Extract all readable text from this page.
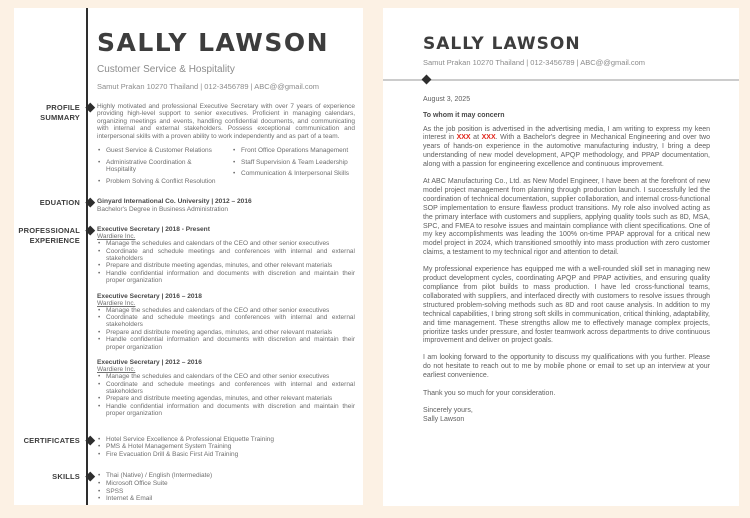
SALLY LAWSON
Customer Service & Hospitality
Samut Prakan 10270 Thailand | 012-3456789 | ABC@@gmail.com
PROFILE SUMMARY
Highly motivated and professional Executive Secretary with over 7 years of experience providing high-level support to senior executives. Proficient in managing calendars, organizing meetings and events, handling confidential documents, and communicating with internal and external stakeholders. Possess exceptional communication and interpersonal skills with a proven ability to work independently and as part of a team.
• Guest Service & Customer Relations
• Administrative Coordination & Hospitality
• Problem Solving & Conflict Resolution
• Front Office Operations Management
• Staff Supervision & Team Leadership
• Communication & Interpersonal Skills
EDUATION	Ginyard International Co. University | 2012 – 2016
Bachelor's Degree in Business Administration
PROFESSIONAL EXPERIENCE
Executive Secretary | 2018 - Present
Wardiere Inc.
• Manage the schedules and calendars of the CEO and other senior executives
• Coordinate and schedule meetings and conferences with internal and external stakeholders
• Prepare and distribute meeting agendas, minutes, and other relevant materials
• Handle confidential information and documents with discretion and maintain their proper organization
Executive Secretary | 2016 – 2018
Wardiere Inc.
• Manage the schedules and calendars of the CEO and other senior executives
• Coordinate and schedule meetings and conferences with internal and external stakeholders
• Prepare and distribute meeting agendas, minutes, and other relevant materials
• Handle confidential information and documents with discretion and maintain their proper organization
Executive Secretary | 2012 – 2016
Wardiere Inc.
• Manage the schedules and calendars of the CEO and other senior executives
• Coordinate and schedule meetings and conferences with internal and external stakeholders
• Prepare and distribute meeting agendas, minutes, and other relevant materials
• Handle confidential information and documents with discretion and maintain their proper organization
CERTIFICATES	• Hotel Service Excellence & Professional Etiquette Training
• PMS & Hotel Management System Training
• Fire Evacuation Drill & Basic First Aid Training
SKILLS	• Thai (Native) / English (Intermediate)
• Microsoft Office Suite
• SPSS
• Internet & Email
SALLY LAWSON
Samut Prakan 10270 Thailand | 012-3456789 | ABC@@gmail.com
August 3, 2025
To whom it may concern

As the job position is advertised in the advertising media, I am writing to express my keen interest in XXX at XXX. With a Bachelor's degree in Mechanical Engineering and over two years of hands-on experience in the automotive manufacturing industry, I bring a deep understanding of new model development, APQP methodology, and PPAP documentation, along with a passion for engineering excellence and continuous improvement.

At ABC Manufacturing Co., Ltd. as New Model Engineer, I have been at the forefront of new model project management from planning through production launch. I successfully led the coordination of technical documentation, supplier collaboration, and internal cross-functional SOP implementation to ensure flawless product transitions. My role also involved acting as the primary interface with customers and suppliers, applying quality tools such as 8D, MSA, SPC, and FMEA to resolve issues and maintain compliance with client specifications. One of my key accomplishments was leading the 100% on-time PPAP approval for a critical new model project in 2024, which transitioned smoothly into mass production with zero customer claims, a testament to my technical rigor and attention to detail.

My professional experience has equipped me with a well-rounded skill set in managing new product development cycles, coordinating APQP and PPAP activities, and ensuring quality compliance from pilot builds to mass production. I have led cross-functional teams, collaborated with suppliers, and interfaced directly with customers to resolve issues through structured problem-solving methods such as 8D and root cause analysis. In addition to my technical capabilities, I bring strong soft skills in communication, critical thinking, adaptability, and time management. These strengths allow me to effectively manage complex projects, prioritize tasks under pressure, and foster teamwork across departments to drive continuous improvement and deliver on project goals.

I am looking forward to the opportunity to discuss my qualifications with you further. Please do not hesitate to reach out to me by mobile phone or email to set up an interview at your earliest convenience.

Thank you so much for your consideration.
Sincerely yours,
Sally Lawson
